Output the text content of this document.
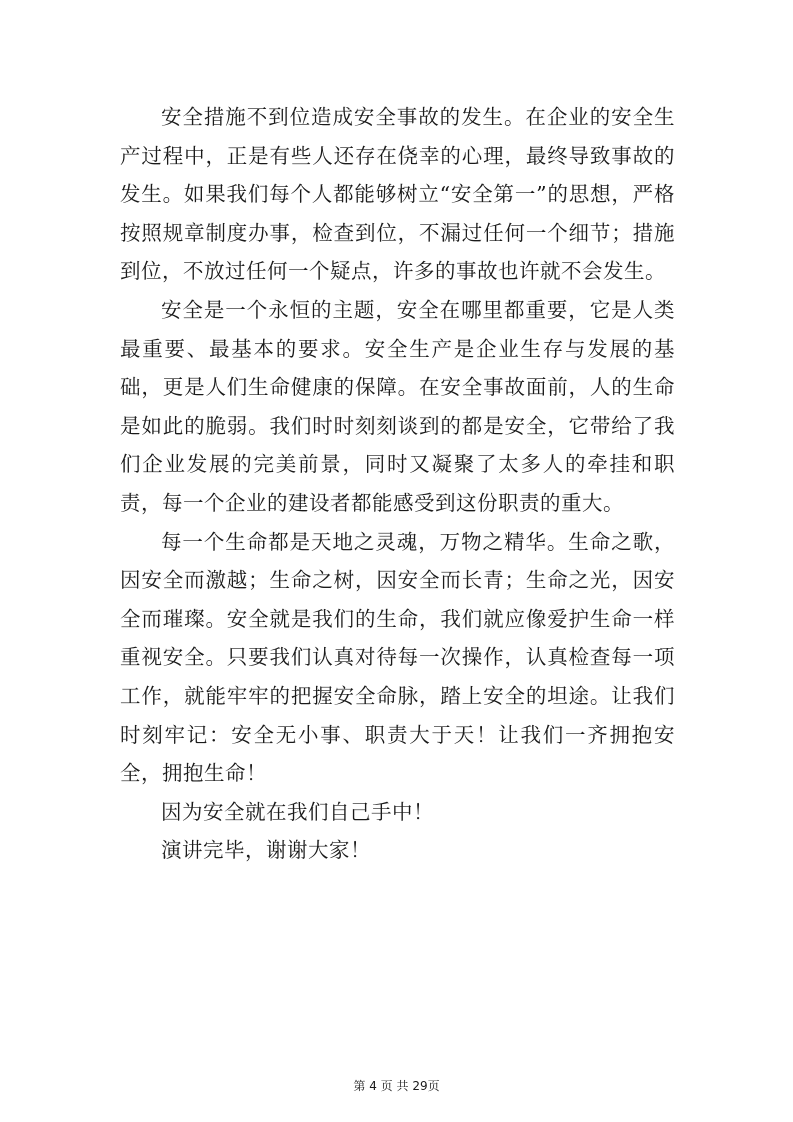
安全措施不到位造成安全事故的发生。在企业的安全生产过程中，正是有些人还存在侥幸的心理，最终导致事故的发生。如果我们每个人都能够树立“安全第一”的思想，严格按照规章制度办事，检查到位，不漏过任何一个细节；措施到位，不放过任何一个疑点，许多的事故也许就不会发生。

安全是一个永恒的主题，安全在哪里都重要，它是人类最重要、最基本的要求。安全生产是企业生存与发展的基础，更是人们生命健康的保障。在安全事故面前，人的生命是如此的脆弱。我们时时刻刻谈到的都是安全，它带给了我们企业发展的完美前景，同时又凝聚了太多人的牵挂和职责，每一个企业的建设者都能感受到这份职责的重大。

每一个生命都是天地之灵魂，万物之精华。生命之歌，因安全而激越；生命之树，因安全而长青；生命之光，因安全而璀璨。安全就是我们的生命，我们就应像爱护生命一样重视安全。只要我们认真对待每一次操作，认真检查每一项工作，就能牢牢的把握安全命脉，踏上安全的坦途。让我们时刻牢记：安全无小事、职责大于天！让我们一齐拥抱安全，拥抱生命！

因为安全就在我们自己手中！

演讲完毕，谢谢大家！

第 4 页 共 29页
